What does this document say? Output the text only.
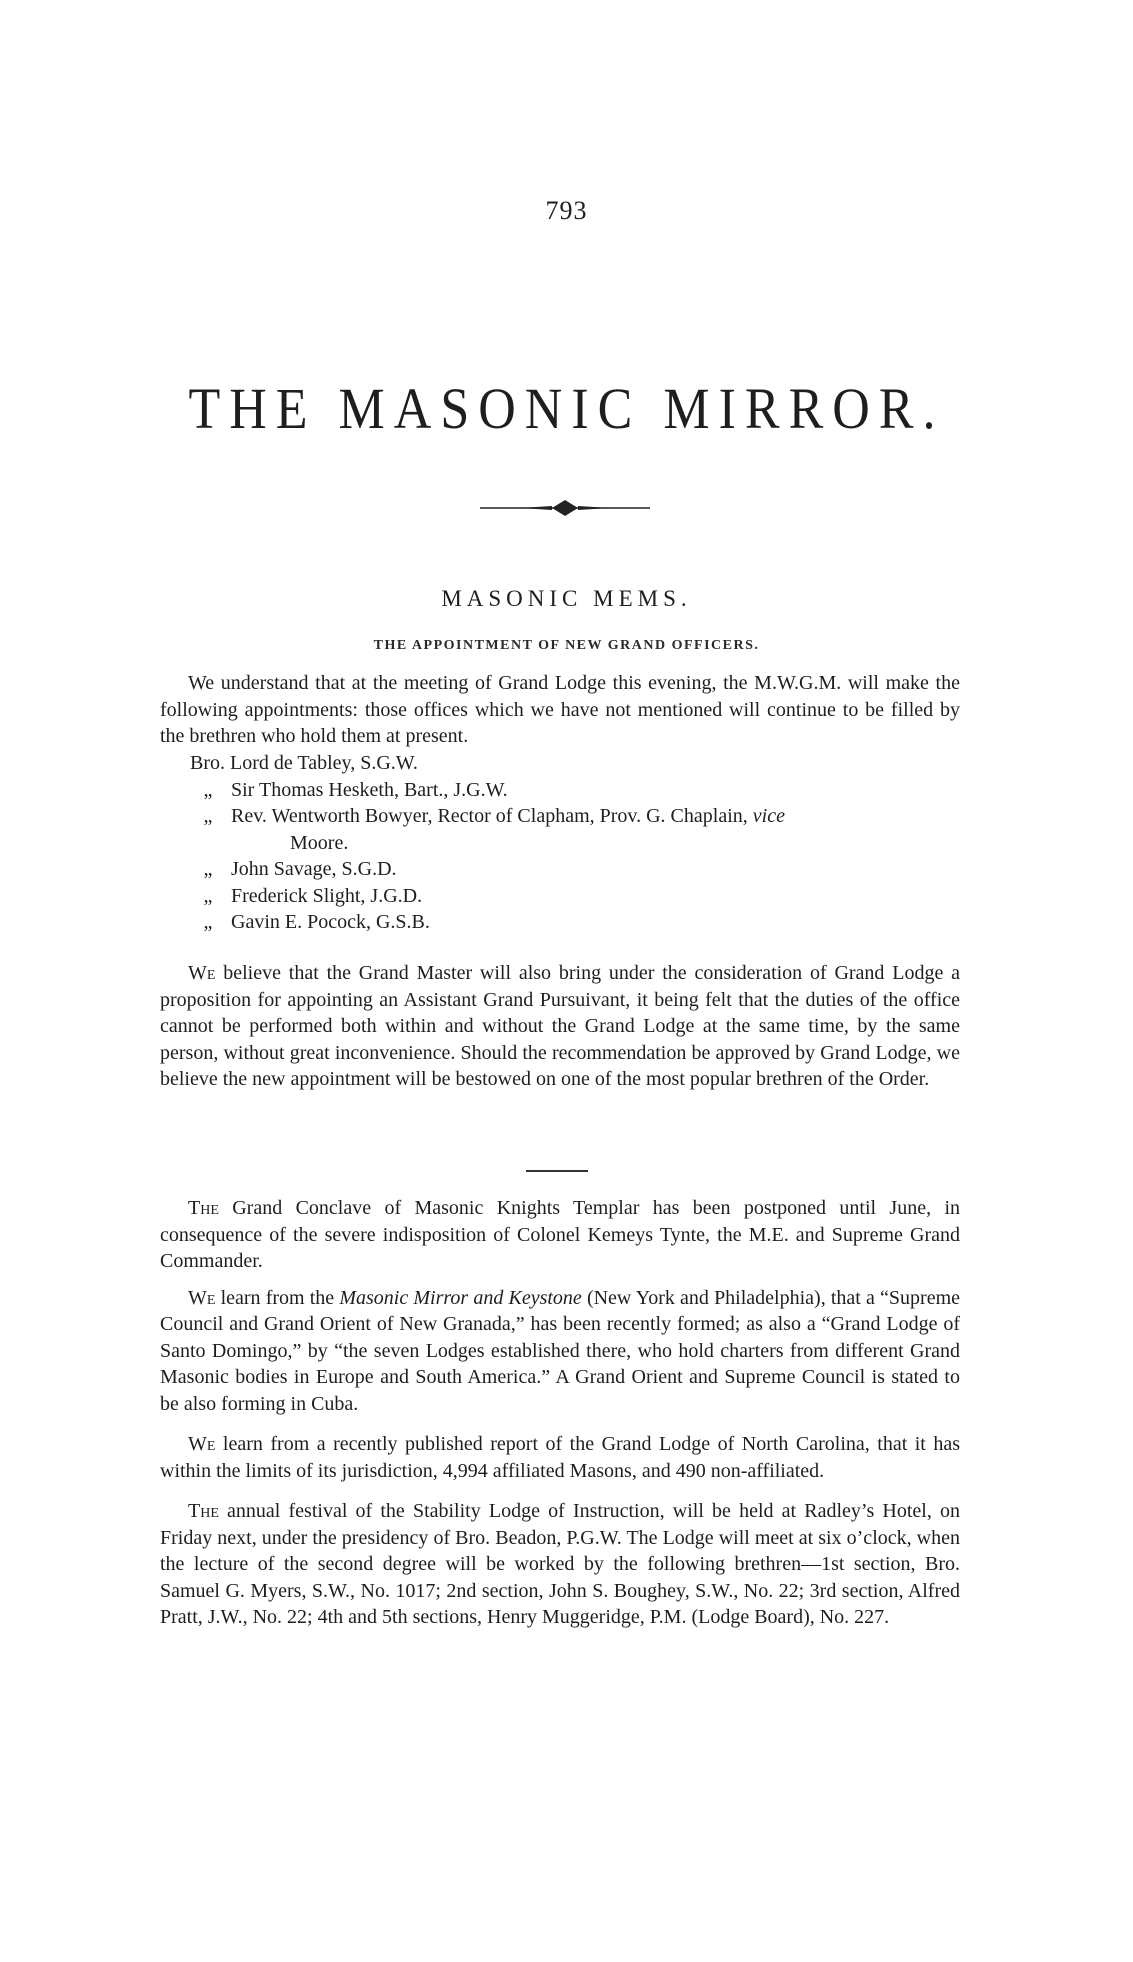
793
THE MASONIC MIRROR.
MASONIC MEMS.
THE APPOINTMENT OF NEW GRAND OFFICERS.

We understand that at the meeting of Grand Lodge this evening, the M.W.G.M. will make the following appointments: those offices which we have not mentioned will continue to be filled by the brethren who hold them at present.

Bro. Lord de Tabley, S.G.W.
„ Sir Thomas Hesketh, Bart., J.G.W.
„ Rev. Wentworth Bowyer, Rector of Clapham, Prov. G. Chaplain, vice
Moore.
„ John Savage, S.G.D.
„ Frederick Slight, J.G.D.
„ Gavin E. Pocock, G.S.B.

We believe that the Grand Master will also bring under the consideration of Grand Lodge a proposition for appointing an Assistant Grand Pursuivant, it being felt that the duties of the office cannot be performed both within and without the Grand Lodge at the same time, by the same person, without great inconvenience. Should the recommendation be approved by Grand Lodge, we believe the new appointment will be bestowed on one of the most popular brethren of the Order.

The Grand Conclave of Masonic Knights Templar has been postponed until June, in consequence of the severe indisposition of Colonel Kemeys Tynte, the M.E. and Supreme Grand Commander.

We learn from the Masonic Mirror and Keystone (New York and Philadelphia), that a “Supreme Council and Grand Orient of New Granada,” has been recently formed; as also a “Grand Lodge of Santo Domingo,” by “the seven Lodges established there, who hold charters from different Grand Masonic bodies in Europe and South America.” A Grand Orient and Supreme Council is stated to be also forming in Cuba.

We learn from a recently published report of the Grand Lodge of North Carolina, that it has within the limits of its jurisdiction, 4,994 affiliated Masons, and 490 non-affiliated.

The annual festival of the Stability Lodge of Instruction, will be held at Radley’s Hotel, on Friday next, under the presidency of Bro. Beadon, P.G.W. The Lodge will meet at six o’clock, when the lecture of the second degree will be worked by the following brethren—1st section, Bro. Samuel G. Myers, S.W., No. 1017; 2nd section, John S. Boughey, S.W., No. 22; 3rd section, Alfred Pratt, J.W., No. 22; 4th and 5th sections, Henry Muggeridge, P.M. (Lodge Board), No. 227.
